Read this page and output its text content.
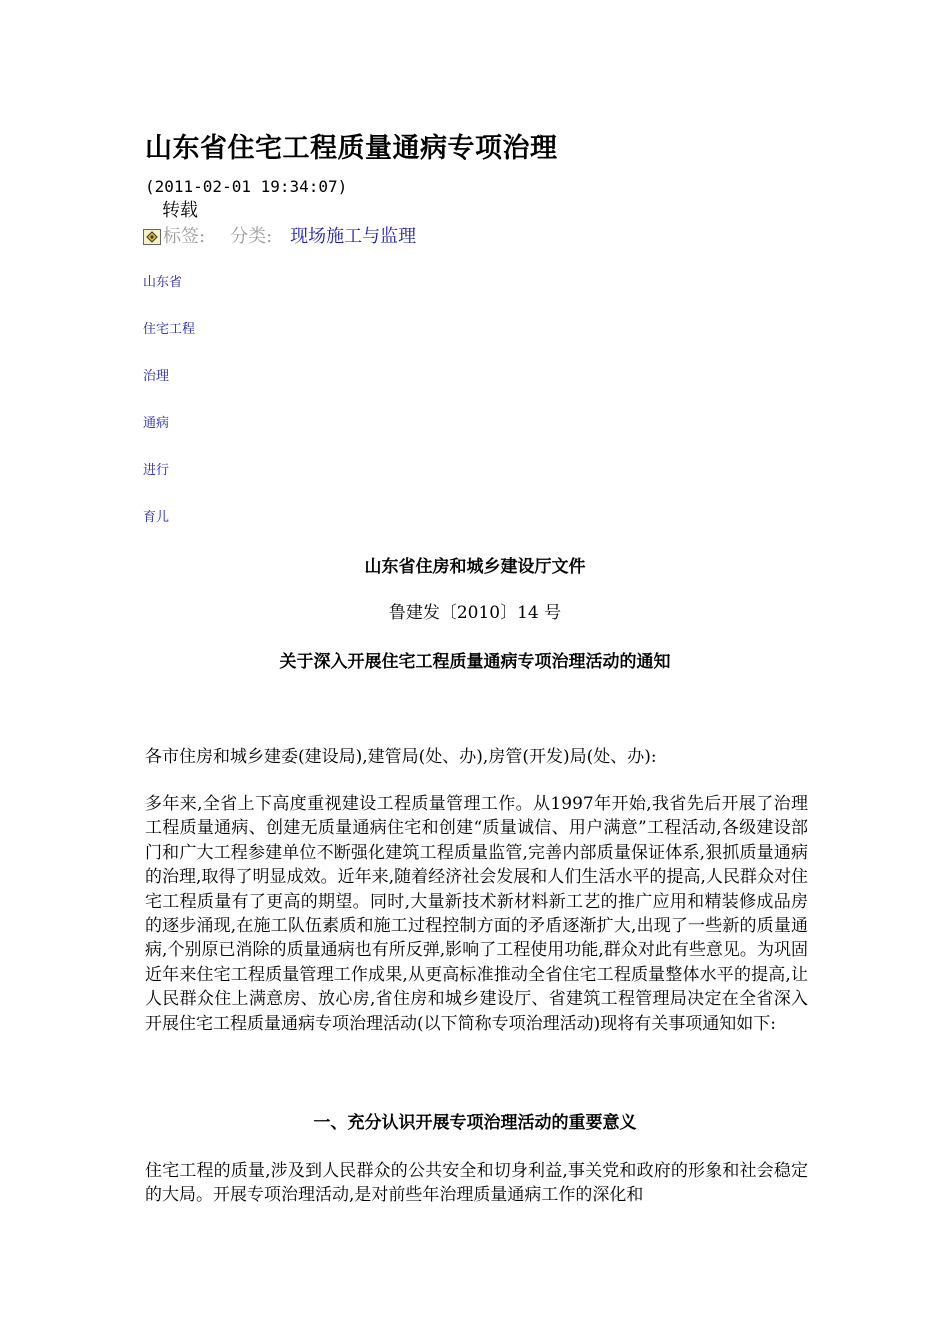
山东省住宅工程质量通病专项治理
(2011-02-01 19:34:07)
转载
标签: 分类: 现场施工与监理
山东省
住宅工程
治理
通病
进行
育儿
山东省住房和城乡建设厅文件
鲁建发〔2010〕14 号
关于深入开展住宅工程质量通病专项治理活动的通知

各市住房和城乡建委(建设局),建管局(处、办),房管(开发)局(处、办):

多年来,全省上下高度重视建设工程质量管理工作。从1997年开始,我省先后开展了治理工程质量通病、创建无质量通病住宅和创建“质量诚信、用户满意”工程活动,各级建设部门和广大工程参建单位不断强化建筑工程质量监管,完善内部质量保证体系,狠抓质量通病的治理,取得了明显成效。近年来,随着经济社会发展和人们生活水平的提高,人民群众对住宅工程质量有了更高的期望。同时,大量新技术新材料新工艺的推广应用和精装修成品房的逐步涌现,在施工队伍素质和施工过程控制方面的矛盾逐渐扩大,出现了一些新的质量通病,个别原已消除的质量通病也有所反弹,影响了工程使用功能,群众对此有些意见。为巩固近年来住宅工程质量管理工作成果,从更高标准推动全省住宅工程质量整体水平的提高,让人民群众住上满意房、放心房,省住房和城乡建设厅、省建筑工程管理局决定在全省深入开展住宅工程质量通病专项治理活动(以下简称专项治理活动)现将有关事项通知如下:

一、充分认识开展专项治理活动的重要意义

住宅工程的质量,涉及到人民群众的公共安全和切身利益,事关党和政府的形象和社会稳定的大局。开展专项治理活动,是对前些年治理质量通病工作的深化和
